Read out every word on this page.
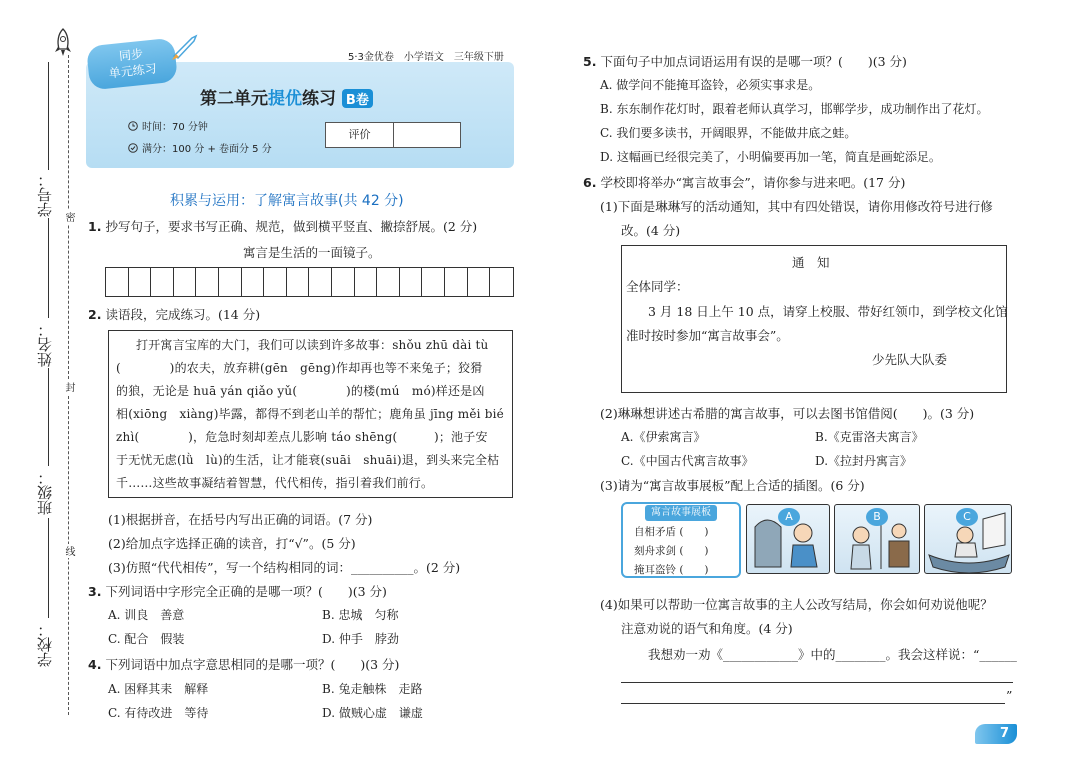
学号：
姓名：
班级：
学校：
密
封
线
同步
单元练习
5·3金优卷　小学语文　三年级下册
第二单元提优练习 B卷
时间：70 分钟
满分：100 分 + 卷面分 5 分
评价
积累与运用：了解寓言故事(共 42 分)
1. 抄写句子，要求书写正确、规范，做到横平竖直、撇捺舒展。(2 分)
寓言是生活的一面镜子。
2. 读语段，完成练习。(14 分)
打开寓言宝库的大门，我们可以读到许多故事：shǒu zhū dài tù
(　　　　)的农夫，放弃耕(gēn　gēng)作却再也等不来兔子；狡猾
的狼，无论是 huā yán qiǎo yǔ(　　　　)的楼(mú　mó)样还是凶
相(xiōng　xiàng)毕露，都得不到老山羊的帮忙；鹿角虽 jīng měi bié
zhì(　　　　)，危急时刻却差点儿影响 táo shēng(　　　)；池子安
于无忧无虑(lǜ　lù)的生活，让才能衰(suāi　shuāi)退，到头来完全枯
千……这些故事凝结着智慧，代代相传，指引着我们前行。
(1)根据拼音，在括号内写出正确的词语。(7 分)
(2)给加点字选择正确的读音，打“√”。(5 分)
(3)仿照“代代相传”，写一个结构相同的词：__________。(2 分)
3. 下列词语中字形完全正确的是哪一项？(　　)(3 分)
A. 训良　善意	B. 忠城　匀称
C. 配合　假装	D. 仲手　脖劲
4. 下列词语中加点字意思相同的是哪一项？(　　)(3 分)
A. 困释其耒　解释	B. 兔走触株　走路
C. 有待改进　等待	D. 做贼心虚　谦虚
5. 下面句子中加点词语运用有误的是哪一项？(　　)(3 分)
A. 做学问不能掩耳盗铃，必须实事求是。
B. 东东制作花灯时，跟着老师认真学习，邯郸学步，成功制作出了花灯。
C. 我们要多读书，开阔眼界，不能做井底之蛙。
D. 这幅画已经很完美了，小明偏要再加一笔，简直是画蛇添足。
6. 学校即将举办“寓言故事会”，请你参与进来吧。(17 分)
(1)下面是琳琳写的活动通知，其中有四处错误，请你用修改符号进行修
改。(4 分)
通　知
全体同学：
3 月 18 日上午 10 点，请穿上校服、带好红领巾，到学校文化馆
准时按时参加“寓言故事会”。
少先队大队委
(2)琳琳想讲述古希腊的寓言故事，可以去图书馆借阅(　　)。(3 分)
A.《伊索寓言》	B.《克雷洛夫寓言》
C.《中国古代寓言故事》	D.《拉封丹寓言》
(3)请为“寓言故事展板”配上合适的插图。(6 分)
寓言故事展板
自相矛盾 (　　)
刻舟求剑 (　　)
掩耳盗铃 (　　)
A	B	C
(4)如果可以帮助一位寓言故事的主人公改写结局，你会如何劝说他呢？
注意劝说的语气和角度。(4 分)
我想劝一劝《____________》中的________。我会这样说：“______
”
7
